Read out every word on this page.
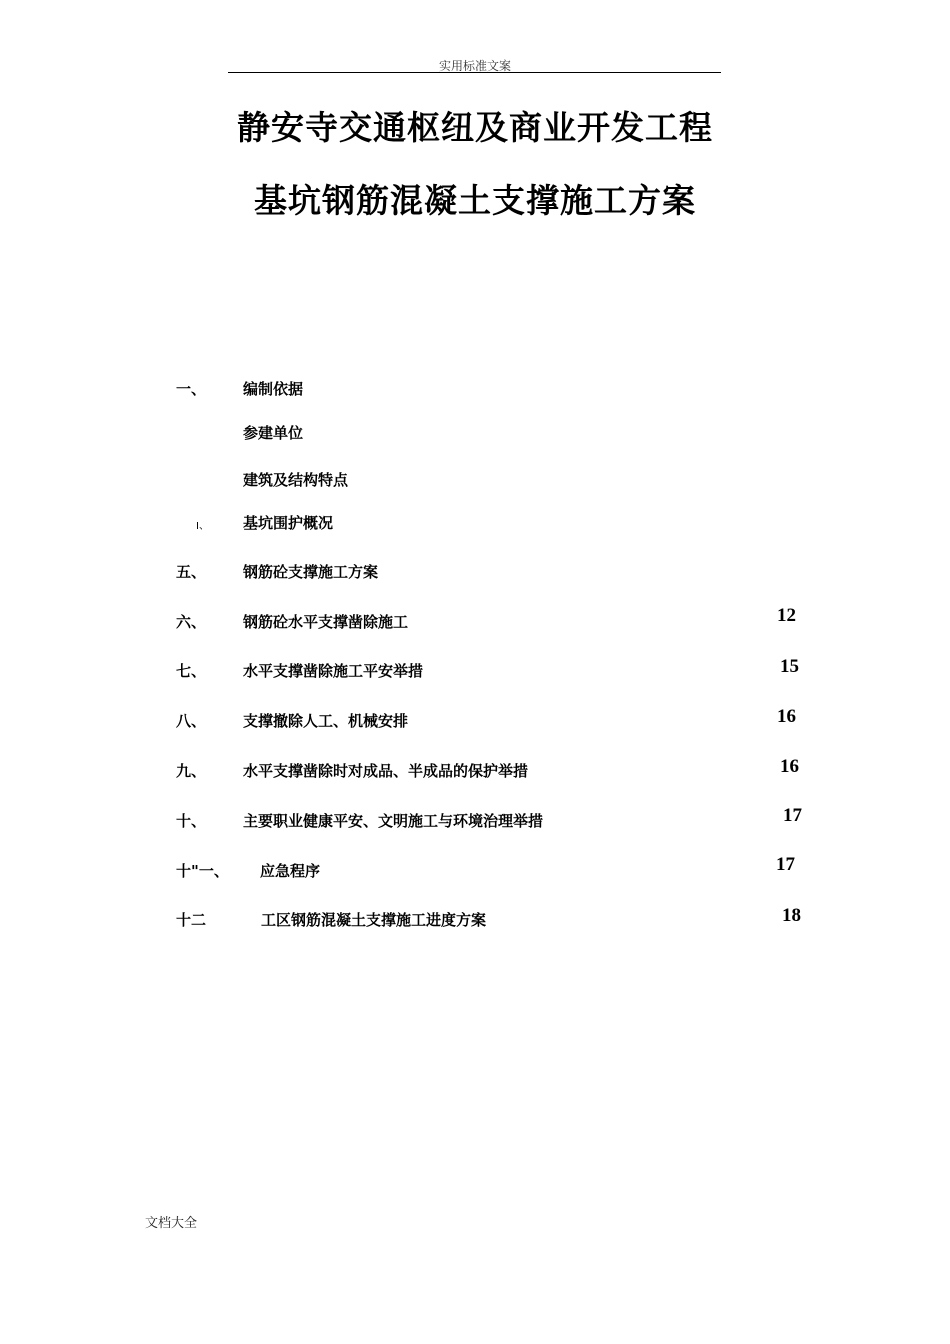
实用标准文案
静安寺交通枢纽及商业开发工程
基坑钢筋混凝土支撑施工方案
一、 编制依据
参建单位
建筑及结构特点
I、 基坑围护概况
五、 钢筋砼支撑施工方案
六、 钢筋砼水平支撑凿除施工	12
七、 水平支撑凿除施工平安举措	15
八、 支撑撤除人工、机械安排	16
九、 水平支撑凿除时对成品、半成品的保护举措	16
十、 主要职业健康平安、文明施工与环境治理举措	17
十"一、 应急程序	17
十二	工区钢筋混凝土支撑施工进度方案	18
文档大全
